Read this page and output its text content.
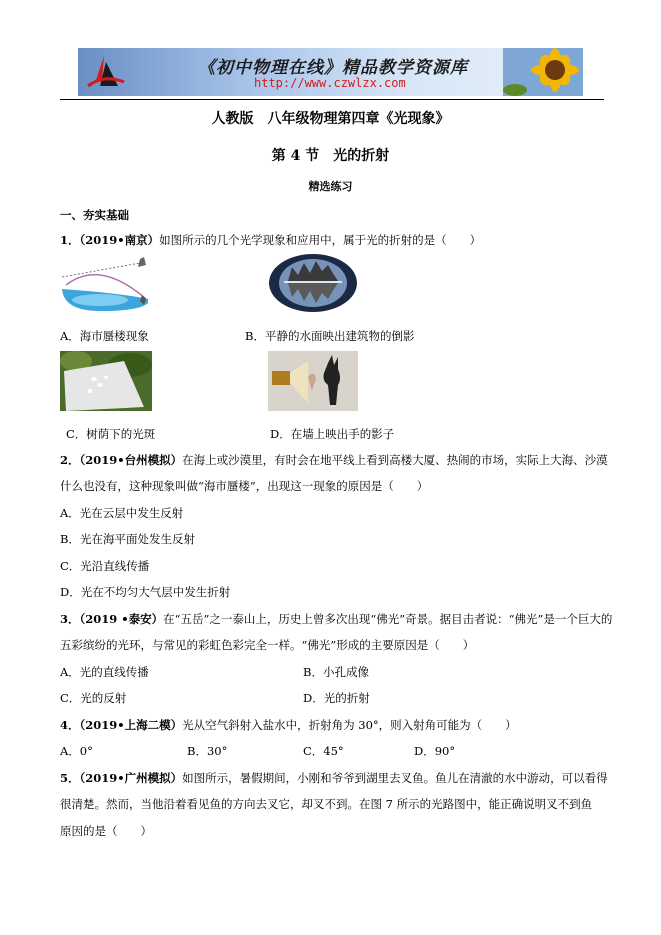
《初中物理在线》精品教学资源库
http://www.czwlzx.com
人教版　八年级物理第四章《光现象》
第 4 节　光的折射
精选练习
一、夯实基础
1．（2019•南京）如图所示的几个光学现象和应用中，属于光的折射的是（　　）
A．海市蜃楼现象	B．平静的水面映出建筑物的倒影
C．树荫下的光斑	D．在墙上映出手的影子
2．（2019•台州模拟）在海上或沙漠里，有时会在地平线上看到高楼大厦、热闹的市场，实际上大海、沙漠
什么也没有，这种现象叫做“海市蜃楼”，出现这一现象的原因是（　　）
A．光在云层中发生反射
B．光在海平面处发生反射
C．光沿直线传播
D．光在不均匀大气层中发生折射
3．（2019 •泰安）在“五岳”之一泰山上，历史上曾多次出现“佛光”奇景。据目击者说：“佛光”是一个巨大的
五彩缤纷的光环，与常见的彩虹色彩完全一样。“佛光”形成的主要原因是（　　）
A．光的直线传播	B．小孔成像
C．光的反射	D．光的折射
4．（2019•上海二模）光从空气斜射入盐水中，折射角为 30°，则入射角可能为（　　）
A．0°	B．30°	C．45°	D．90°
5．（2019•广州模拟）如图所示，暑假期间，小刚和爷爷到湖里去叉鱼。鱼儿在清澈的水中游动，可以看得
很清楚。然而，当他沿着看见鱼的方向去叉它，却叉不到。在图 7 所示的光路图中，能正确说明叉不到鱼
原因的是（　　）
